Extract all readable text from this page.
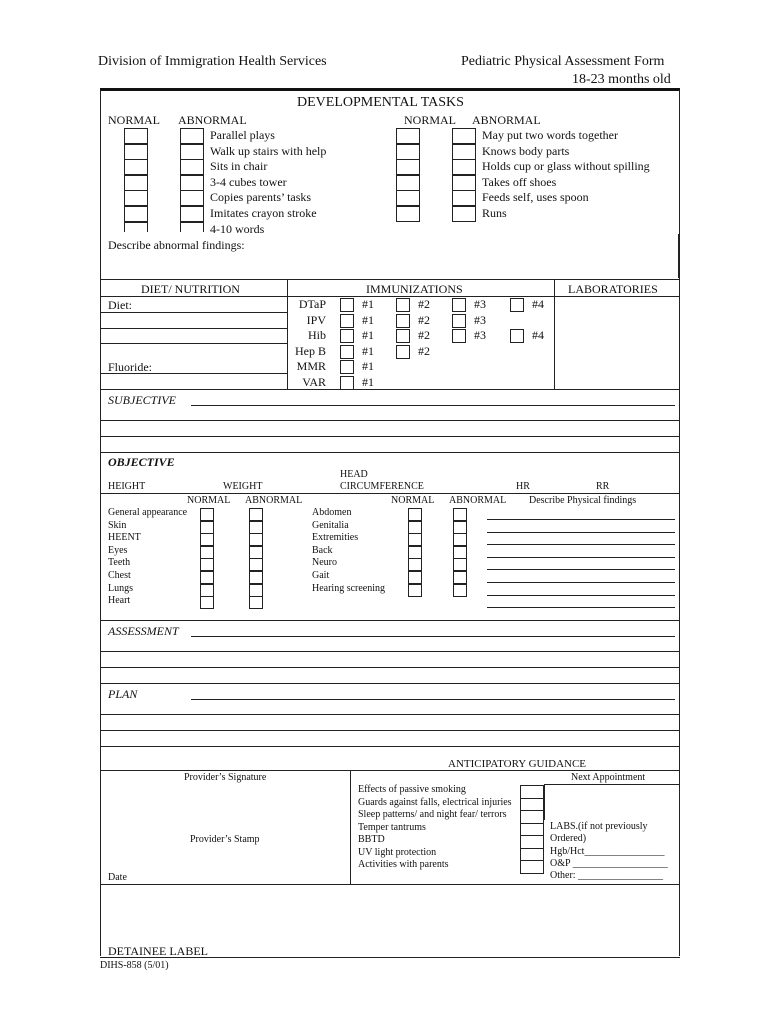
Division of Immigration Health Services	Pediatric Physical Assessment Form
18-23 months old
DEVELOPMENTAL TASKS
NORMAL ABNORMAL	NORMAL ABNORMAL
Parallel plays
Walk up stairs with help
Sits in chair
3-4 cubes tower
Copies parents’ tasks
Imitates crayon stroke
4-10 words
May put two words together
Knows body parts
Holds cup or glass without spilling
Takes off shoes
Feeds self, uses spoon
Runs
Describe abnormal findings:
DIET/ NUTRITION	IMMUNIZATIONS	LABORATORIES
Diet:
Fluoride:
DTaP	#1	#2	#3	#4
IPV	#1	#2	#3
Hib	#1	#2	#3	#4
Hep B	#1	#2
MMR	#1
VAR	#1
SUBJECTIVE
OBJECTIVE
HEAD
HEIGHT	WEIGHT	CIRCUMFERENCE	HR	RR
NORMAL ABNORMAL	NORMAL ABNORMAL Describe Physical findings
General appearance
Skin
HEENT
Eyes
Teeth
Chest
Lungs
Heart
Abdomen
Genitalia
Extremities
Back
Neuro
Gait
Hearing screening
ASSESSMENT
PLAN
ANTICIPATORY GUIDANCE
Provider’s Signature
Provider’s Stamp
Date
Effects of passive smoking
Guards against falls, electrical injuries
Sleep patterns/ and night fear/ terrors
Temper tantrums
BBTD
UV light protection
Activities with parents
Next Appointment
LABS.(if not previously
Ordered)
Hgb/Hct________________
O&P ___________________
Other: _________________
DETAINEE LABEL
DIHS-858 (5/01)
